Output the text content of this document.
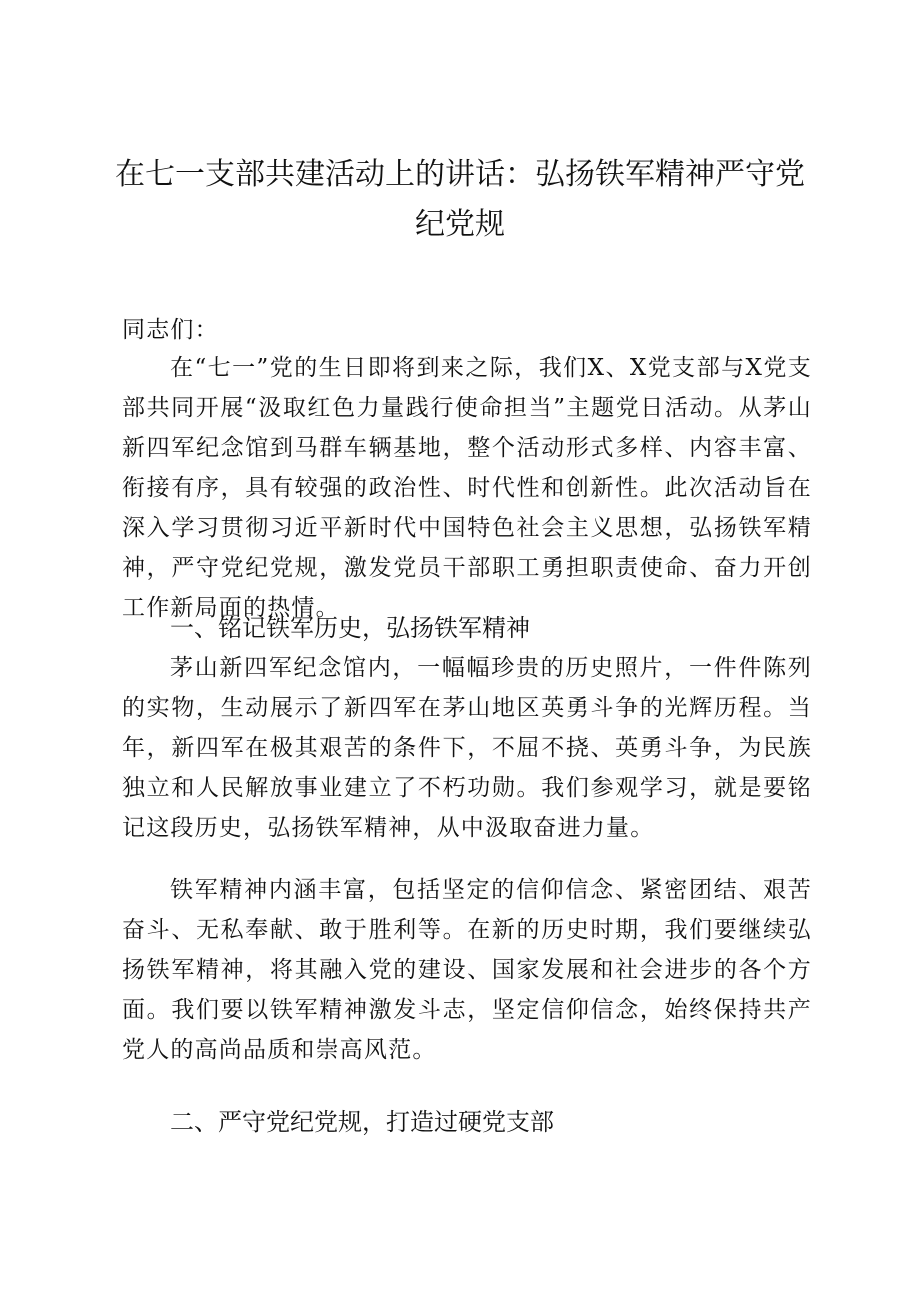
在七一支部共建活动上的讲话：弘扬铁军精神严守党纪党规

同志们：

在“七一”党的生日即将到来之际，我们X、X党支部与X党支部共同开展“汲取红色力量践行使命担当”主题党日活动。从茅山新四军纪念馆到马群车辆基地，整个活动形式多样、内容丰富、衔接有序，具有较强的政治性、时代性和创新性。此次活动旨在深入学习贯彻习近平新时代中国特色社会主义思想，弘扬铁军精神，严守党纪党规，激发党员干部职工勇担职责使命、奋力开创工作新局面的热情。

一、铭记铁军历史，弘扬铁军精神

茅山新四军纪念馆内，一幅幅珍贵的历史照片，一件件陈列的实物，生动展示了新四军在茅山地区英勇斗争的光辉历程。当年，新四军在极其艰苦的条件下，不屈不挠、英勇斗争，为民族独立和人民解放事业建立了不朽功勋。我们参观学习，就是要铭记这段历史，弘扬铁军精神，从中汲取奋进力量。

铁军精神内涵丰富，包括坚定的信仰信念、紧密团结、艰苦奋斗、无私奉献、敢于胜利等。在新的历史时期，我们要继续弘扬铁军精神，将其融入党的建设、国家发展和社会进步的各个方面。我们要以铁军精神激发斗志，坚定信仰信念，始终保持共产党人的高尚品质和崇高风范。

二、严守党纪党规，打造过硬党支部
